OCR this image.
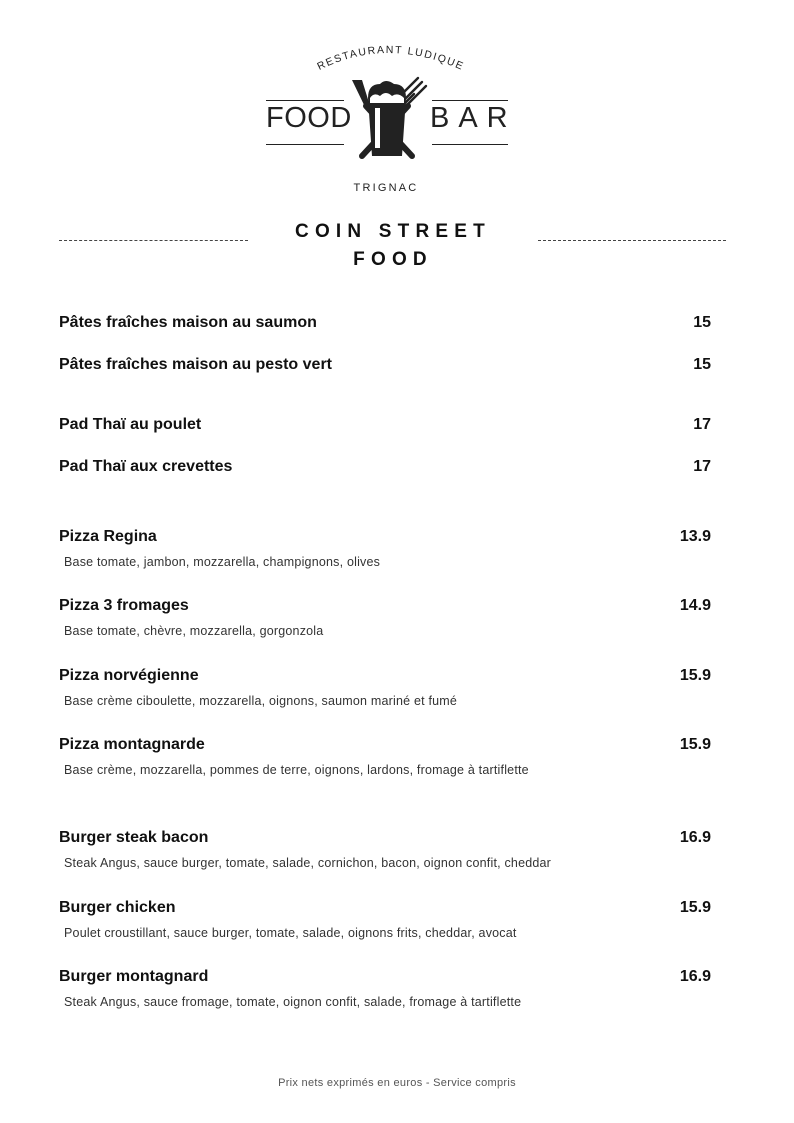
RESTAURANT LUDIQUE
FOOD	BAR
TRIGNAC
COIN STREET
FOOD
Pâtes fraîches maison au saumon	15
Pâtes fraîches maison au pesto vert	15
Pad Thaï au poulet	17
Pad Thaï aux crevettes	17
Pizza Regina	13.9
Base tomate, jambon, mozzarella, champignons, olives
Pizza 3 fromages	14.9
Base tomate, chèvre, mozzarella, gorgonzola
Pizza norvégienne	15.9
Base crème ciboulette, mozzarella, oignons, saumon mariné et fumé
Pizza montagnarde	15.9
Base crème, mozzarella, pommes de terre, oignons, lardons, fromage à tartiflette
Burger steak bacon	16.9
Steak Angus, sauce burger, tomate, salade, cornichon, bacon, oignon confit, cheddar
Burger chicken	15.9
Poulet croustillant, sauce burger, tomate, salade, oignons frits, cheddar, avocat
Burger montagnard	16.9
Steak Angus, sauce fromage, tomate, oignon confit, salade, fromage à tartiflette
Prix nets exprimés en euros - Service compris
